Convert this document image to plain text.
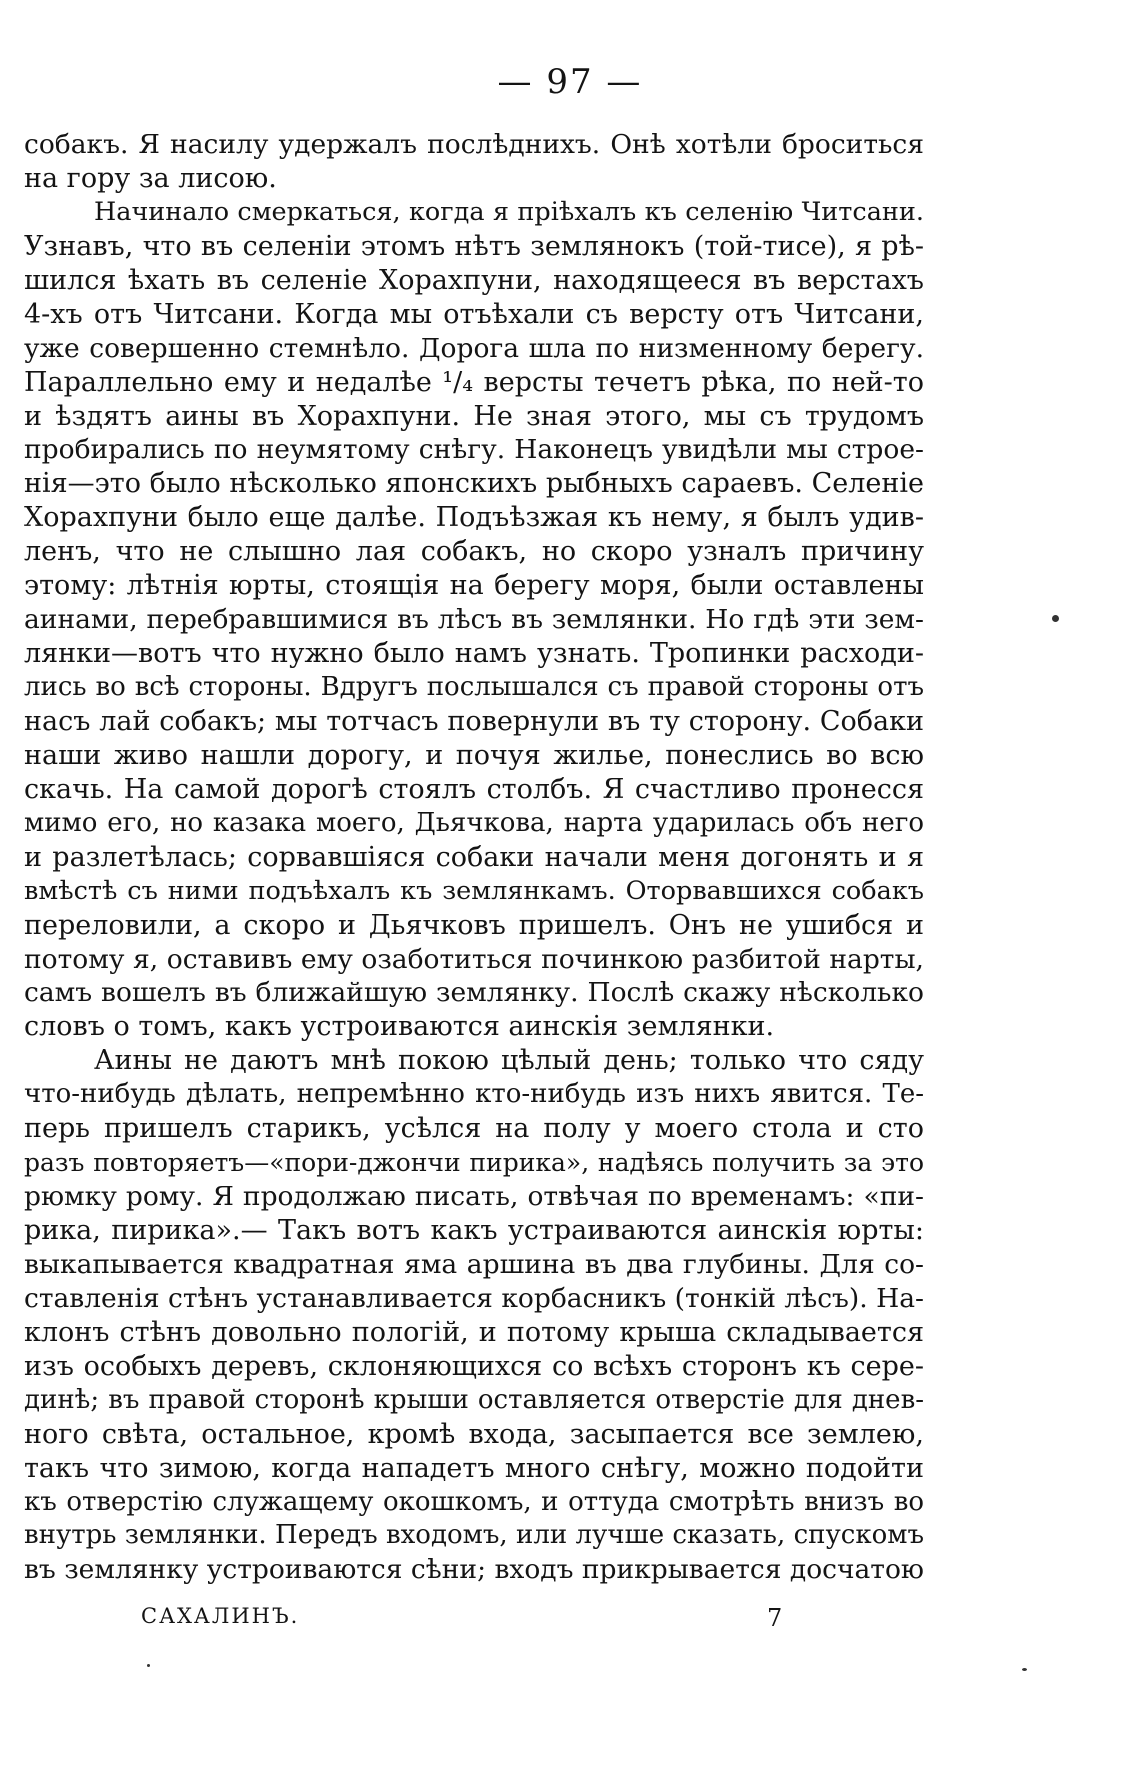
— 97 —
собакъ. Я насилу удержалъ послѣднихъ. Онѣ хотѣли броситься
на гору за лисою.
Начинало смеркаться, когда я пріѣхалъ къ селенію Читсани.
Узнавъ, что въ селеніи этомъ нѣтъ землянокъ (той-тисе), я рѣ-
шился ѣхать въ селеніе Хорахпуни, находящееся въ верстахъ
4-хъ отъ Читсани. Когда мы отъѣхали съ версту отъ Читсани,
уже совершенно стемнѣло. Дорога шла по низменному берегу.
Параллельно ему и недалѣе ¹/₄ версты течетъ рѣка, по ней-то
и ѣздятъ аины въ Хорахпуни. Не зная этого, мы съ трудомъ
пробирались по неумятому снѣгу. Наконецъ увидѣли мы строе-
нія—это было нѣсколько японскихъ рыбныхъ сараевъ. Селеніе
Хорахпуни было еще далѣе. Подъѣзжая къ нему, я былъ удив-
ленъ, что не слышно лая собакъ, но скоро узналъ причину
этому: лѣтнія юрты, стоящія на берегу моря, были оставлены
аинами, перебравшимися въ лѣсъ въ землянки. Но гдѣ эти зем-
лянки—вотъ что нужно было намъ узнать. Тропинки расходи-
лись во всѣ стороны. Вдругъ послышался съ правой стороны отъ
насъ лай собакъ; мы тотчасъ повернули въ ту сторону. Собаки
наши живо нашли дорогу, и почуя жилье, понеслись во всю
скачь. На самой дорогѣ стоялъ столбъ. Я счастливо пронесся
мимо его, но казака моего, Дьячкова, нарта ударилась объ него
и разлетѣлась; сорвавшіяся собаки начали меня догонять и я
вмѣстѣ съ ними подъѣхалъ къ землянкамъ. Оторвавшихся собакъ
переловили, а скоро и Дьячковъ пришелъ. Онъ не ушибся и
потому я, оставивъ ему озаботиться починкою разбитой нарты,
самъ вошелъ въ ближайшую землянку. Послѣ скажу нѣсколько
словъ о томъ, какъ устроиваются аинскія землянки.
Аины не даютъ мнѣ покою цѣлый день; только что сяду
что-нибудь дѣлать, непремѣнно кто-нибудь изъ нихъ явится. Те-
перь пришелъ старикъ, усѣлся на полу у моего стола и сто
разъ повторяетъ—«пори-джончи пирика», надѣясь получить за это
рюмку рому. Я продолжаю писать, отвѣчая по временамъ: «пи-
рика, пирика».— Такъ вотъ какъ устраиваются аинскія юрты:
выкапывается квадратная яма аршина въ два глубины. Для со-
ставленія стѣнъ устанавливается корбасникъ (тонкій лѣсъ). На-
клонъ стѣнъ довольно пологій, и потому крыша складывается
изъ особыхъ деревъ, склоняющихся со всѣхъ сторонъ къ сере-
динѣ; въ правой сторонѣ крыши оставляется отверстіе для днев-
ного свѣта, остальное, кромѣ входа, засыпается все землею,
такъ что зимою, когда нападетъ много снѣгу, можно подойти
къ отверстію служащему окошкомъ, и оттуда смотрѣть внизъ во
внутрь землянки. Передъ входомъ, или лучше сказать, спускомъ
въ землянку устроиваются сѣни; входъ прикрывается досчатою
САХАЛИНЪ.	7
